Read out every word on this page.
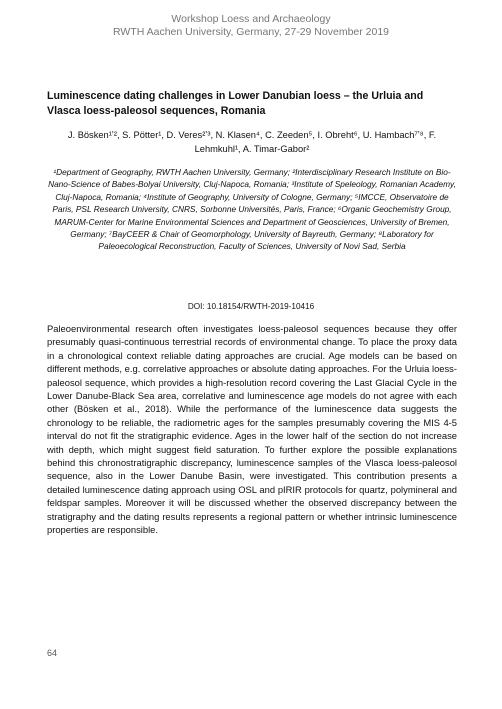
Workshop Loess and Archaeology
RWTH Aachen University, Germany, 27-29 November 2019
Luminescence dating challenges in Lower Danubian loess – the Urluia and Vlasca loess-paleosol sequences, Romania
J. Bösken¹ʼ², S. Pötter¹, D. Veres²ʼ³, N. Klasen⁴, C. Zeeden⁵, I. Obreht⁶, U. Hambach⁷ʼ⁸, F. Lehmkuhl¹, A. Timar-Gabor²
¹Department of Geography, RWTH Aachen University, Germany; ²Interdisciplinary Research Institute on Bio-Nano-Science of Babes-Bolyai University, Cluj-Napoca, Romania; ³Institute of Speleology, Romanian Academy, Cluj-Napoca, Romania; ⁴Institute of Geography, University of Cologne, Germany; ⁵IMCCE, Observatoire de Paris, PSL Research University, CNRS, Sorbonne Universités, Paris, France; ⁶Organic Geochemistry Group, MARUM-Center for Marine Environmental Sciences and Department of Geosciences, University of Bremen, Germany; ⁷BayCEER & Chair of Geomorphology, University of Bayreuth, Germany; ⁸Laboratory for Paleoecological Reconstruction, Faculty of Sciences, University of Novi Sad, Serbia
DOI: 10.18154/RWTH-2019-10416
Paleoenvironmental research often investigates loess-paleosol sequences because they offer presumably quasi-continuous terrestrial records of environmental change. To place the proxy data in a chronological context reliable dating approaches are crucial. Age models can be based on different methods, e.g. correlative approaches or absolute dating approaches. For the Urluia loess-paleosol sequence, which provides a high-resolution record covering the Last Glacial Cycle in the Lower Danube-Black Sea area, correlative and luminescence age models do not agree with each other (Bösken et al., 2018). While the performance of the luminescence data suggests the chronology to be reliable, the radiometric ages for the samples presumably covering the MIS 4-5 interval do not fit the stratigraphic evidence. Ages in the lower half of the section do not increase with depth, which might suggest field saturation. To further explore the possible explanations behind this chronostratigraphic discrepancy, luminescence samples of the Vlasca loess-paleosol sequence, also in the Lower Danube Basin, were investigated. This contribution presents a detailed luminescence dating approach using OSL and pIRIR protocols for quartz, polymineral and feldspar samples. Moreover it will be discussed whether the observed discrepancy between the stratigraphy and the dating results represents a regional pattern or whether intrinsic luminescence properties are responsible.
64
